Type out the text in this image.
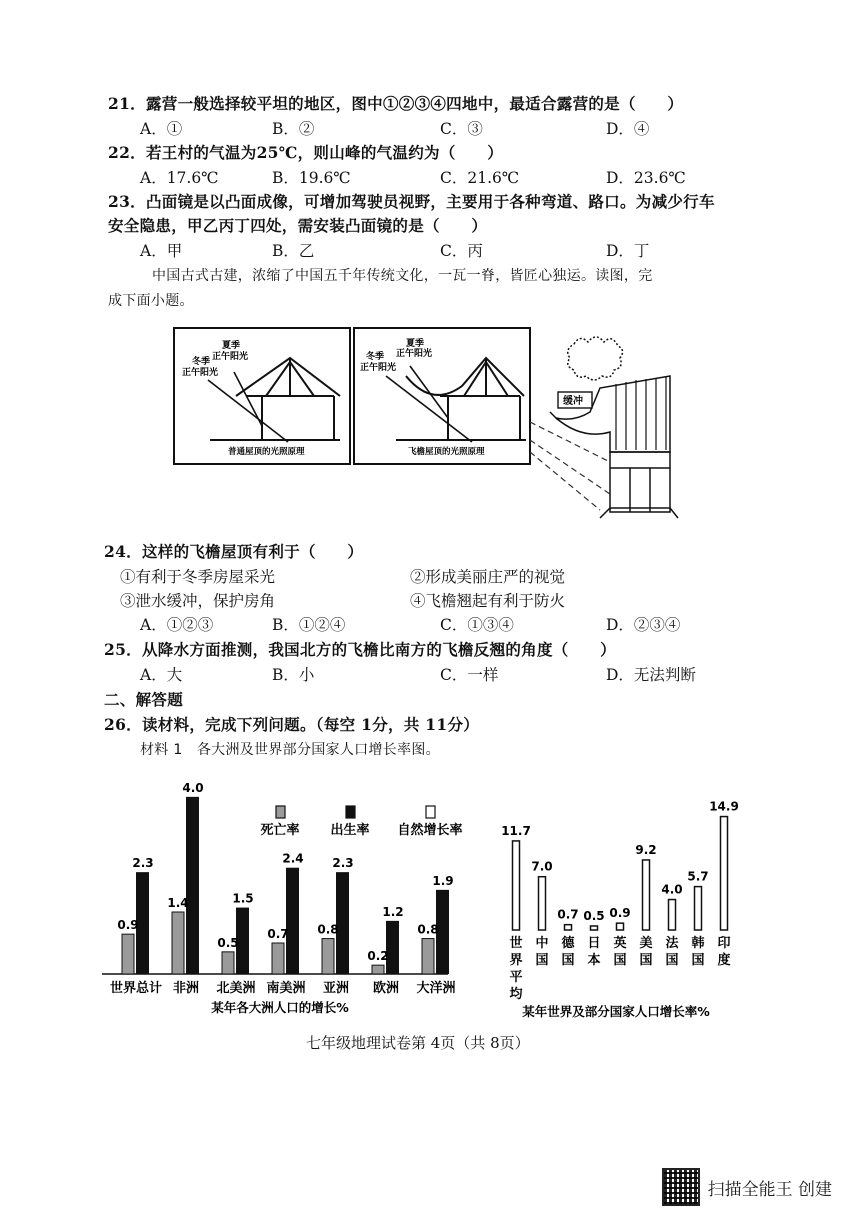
21．露营一般选择较平坦的地区，图中①②③④四地中，最适合露营的是（　　）
A．①	B．②	C．③	D．④
22．若王村的气温为25℃，则山峰的气温约为（　　）
A．17.6℃	B．19.6℃	C．21.6℃	D．23.6℃
23．凸面镜是以凸面成像，可增加驾驶员视野，主要用于各种弯道、路口。为减少行车
安全隐患，甲乙丙丁四处，需安装凸面镜的是（　　）
A．甲	B．乙	C．丙	D．丁
中国古式古建，浓缩了中国五千年传统文化，一瓦一脊，皆匠心独运。读图，完
成下面小题。
夏季
正午阳光
冬季
正午阳光
普通屋顶的光照原理
夏季
正午阳光
冬季
正午阳光
飞檐屋顶的光照原理
缓冲
24．这样的飞檐屋顶有利于（　　）
①有利于冬季房屋采光	②形成美丽庄严的视觉
③泄水缓冲，保护房角	④飞檐翘起有利于防火
A．①②③	B．①②④	C．①③④	D．②③④
25．从降水方面推测，我国北方的飞檐比南方的飞檐反翘的角度（　　）
A．大	B．小	C．一样	D．无法判断
二、解答题
26．读材料，完成下列问题。（每空 1分，共 11分）
材料 1　各大洲及世界部分国家人口增长率图。
0.9
2.3
世界总计
1.4
4.0
非洲
0.5
1.5
北美洲
0.7
2.4
南美洲
0.8
2.3
亚洲
0.2
1.2
欧洲
0.8
1.9
大洋洲
死亡率 出生率 自然增长率
某年各大洲人口的增长%
11.7
世界平均
7.0
中国
0.7
德国
0.5
日本
0.9
英国
9.2
美国
4.0
法国
5.7
韩国
14.9
印度
某年世界及部分国家人口增长率%
七年级地理试卷第 4页（共 8页）
扫描全能王 创建
